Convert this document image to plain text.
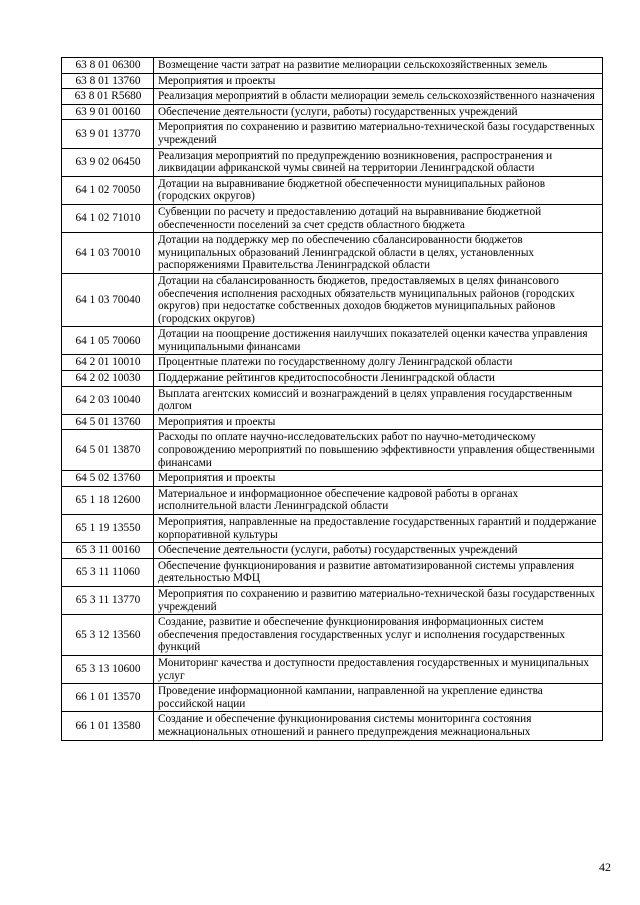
63 8 01 06300	Возмещение части затрат на развитие мелиорации сельскохозяйственных земель
63 8 01 13760	Мероприятия и проекты
63 8 01 R5680	Реализация мероприятий в области мелиорации земель сельскохозяйственного назначения
63 9 01 00160	Обеспечение деятельности (услуги, работы) государственных учреждений
63 9 01 13770	Мероприятия по сохранению и развитию материально-технической базы государственных учреждений
63 9 02 06450	Реализация мероприятий по предупреждению возникновения, распространения и ликвидации африканской чумы свиней на территории Ленинградской области
64 1 02 70050	Дотации на выравнивание бюджетной обеспеченности муниципальных районов (городских округов)
64 1 02 71010	Субвенции по расчету и предоставлению дотаций на выравнивание бюджетной обеспеченности поселений за счет средств областного бюджета
64 1 03 70010	Дотации на поддержку мер по обеспечению сбалансированности бюджетов муниципальных образований Ленинградской области в целях, установленных распоряжениями Правительства Ленинградской области
64 1 03 70040	Дотации на сбалансированность бюджетов, предоставляемых в целях финансового обеспечения исполнения расходных обязательств муниципальных районов (городских округов) при недостатке собственных доходов бюджетов муниципальных районов (городских округов)
64 1 05 70060	Дотации на поощрение достижения наилучших показателей оценки качества управления муниципальными финансами
64 2 01 10010	Процентные платежи по государственному долгу Ленинградской области
64 2 02 10030	Поддержание рейтингов кредитоспособности Ленинградской области
64 2 03 10040	Выплата агентских комиссий и вознаграждений в целях управления государственным долгом
64 5 01 13760	Мероприятия и проекты
64 5 01 13870	Расходы по оплате научно-исследовательских работ по научно-методическому сопровождению мероприятий по повышению эффективности управления общественными финансами
64 5 02 13760	Мероприятия и проекты
65 1 18 12600	Материальное и информационное обеспечение кадровой работы в органах исполнительной власти Ленинградской области
65 1 19 13550	Мероприятия, направленные на предоставление государственных гарантий и поддержание корпоративной культуры
65 3 11 00160	Обеспечение деятельности (услуги, работы) государственных учреждений
65 3 11 11060	Обеспечение функционирования и развитие автоматизированной системы управления деятельностью МФЦ
65 3 11 13770	Мероприятия по сохранению и развитию материально-технической базы государственных учреждений
65 3 12 13560	Создание, развитие и обеспечение функционирования информационных систем обеспечения предоставления государственных услуг и исполнения государственных функций
65 3 13 10600	Мониторинг качества и доступности предоставления государственных и муниципальных услуг
66 1 01 13570	Проведение информационной кампании, направленной на укрепление единства российской нации
66 1 01 13580	Создание и обеспечение функционирования системы мониторинга состояния межнациональных отношений и раннего предупреждения межнациональных
42
